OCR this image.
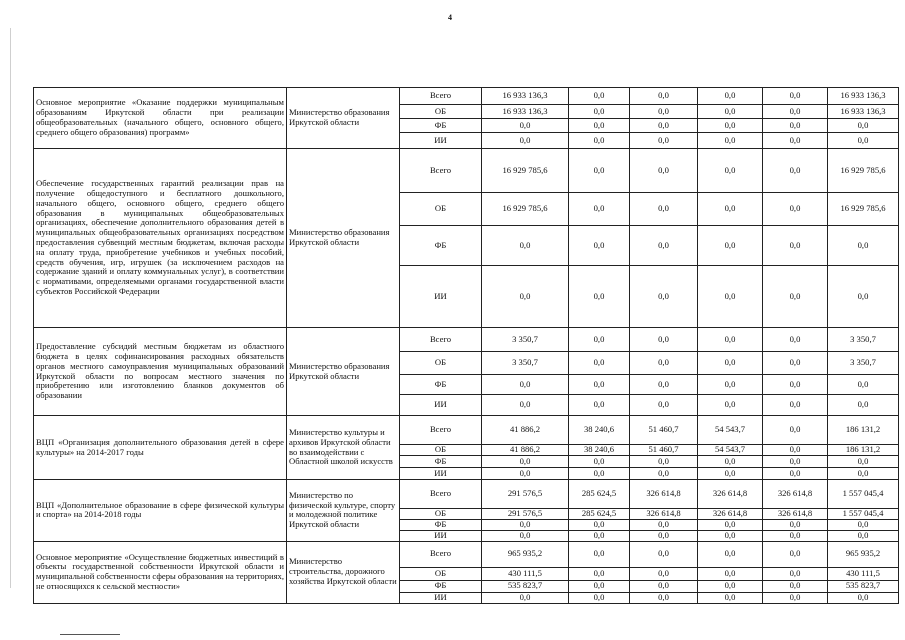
4
Основное мероприятие «Оказание поддержки муниципальным образованиям Иркутской области при реализации общеобразовательных (начального общего, основного общего, среднего общего образования) программ»	Министерство образования Иркутской области	Всего	16 933 136,3	0,0	0,0	0,0	0,0	16 933 136,3
		ОБ	16 933 136,3	0,0	0,0	0,0	0,0	16 933 136,3
		ФБ	0,0	0,0	0,0	0,0	0,0	0,0
		ИИ	0,0	0,0	0,0	0,0	0,0	0,0
Обеспечение государственных гарантий реализации прав на получение общедоступного и бесплатного дошкольного, начального общего, основного общего, среднего общего образования в муниципальных общеобразовательных организациях, обеспечение дополнительного образования детей в муниципальных общеобразовательных организациях посредством предоставления субвенций местным бюджетам, включая расходы на оплату труда, приобретение учебников и учебных пособий, средств обучения, игр, игрушек (за исключением расходов на содержание зданий и оплату коммунальных услуг), в соответствии с нормативами, определяемыми органами государственной власти субъектов Российской Федерации	Министерство образования Иркутской области	Всего	16 929 785,6	0,0	0,0	0,0	0,0	16 929 785,6
		ОБ	16 929 785,6	0,0	0,0	0,0	0,0	16 929 785,6
		ФБ	0,0	0,0	0,0	0,0	0,0	0,0
		ИИ	0,0	0,0	0,0	0,0	0,0	0,0
Предоставление субсидий местным бюджетам из областного бюджета в целях софинансирования расходных обязательств органов местного самоуправления муниципальных образований Иркутской области по вопросам местного значения по приобретению или изготовлению бланков документов об образовании	Министерство образования Иркутской области	Всего	3 350,7	0,0	0,0	0,0	0,0	3 350,7
		ОБ	3 350,7	0,0	0,0	0,0	0,0	3 350,7
		ФБ	0,0	0,0	0,0	0,0	0,0	0,0
		ИИ	0,0	0,0	0,0	0,0	0,0	0,0
ВЦП «Организация дополнительного образования детей в сфере культуры» на 2014-2017 годы	Министерство культуры и архивов Иркутской области во взаимодействии с Областной школой искусств	Всего	41 886,2	38 240,6	51 460,7	54 543,7	0,0	186 131,2
		ОБ	41 886,2	38 240,6	51 460,7	54 543,7	0,0	186 131,2
		ФБ	0,0	0,0	0,0	0,0	0,0	0,0
		ИИ	0,0	0,0	0,0	0,0	0,0	0,0
ВЦП «Дополнительное образование в сфере физической культуры и спорта» на 2014-2018 годы	Министерство по физической культуре, спорту и молодежной политике Иркутской области	Всего	291 576,5	285 624,5	326 614,8	326 614,8	326 614,8	1 557 045,4
		ОБ	291 576,5	285 624,5	326 614,8	326 614,8	326 614,8	1 557 045,4
		ФБ	0,0	0,0	0,0	0,0	0,0	0,0
		ИИ	0,0	0,0	0,0	0,0	0,0	0,0
Основное мероприятие «Осуществление бюджетных инвестиций в объекты государственной собственности Иркутской области и муниципальной собственности сферы образования на территориях, не относящихся к сельской местности»	Министерство строительства, дорожного хозяйства Иркутской области	Всего	965 935,2	0,0	0,0	0,0	0,0	965 935,2
		ОБ	430 111,5	0,0	0,0	0,0	0,0	430 111,5
		ФБ	535 823,7	0,0	0,0	0,0	0,0	535 823,7
		ИИ	0,0	0,0	0,0	0,0	0,0	0,0
